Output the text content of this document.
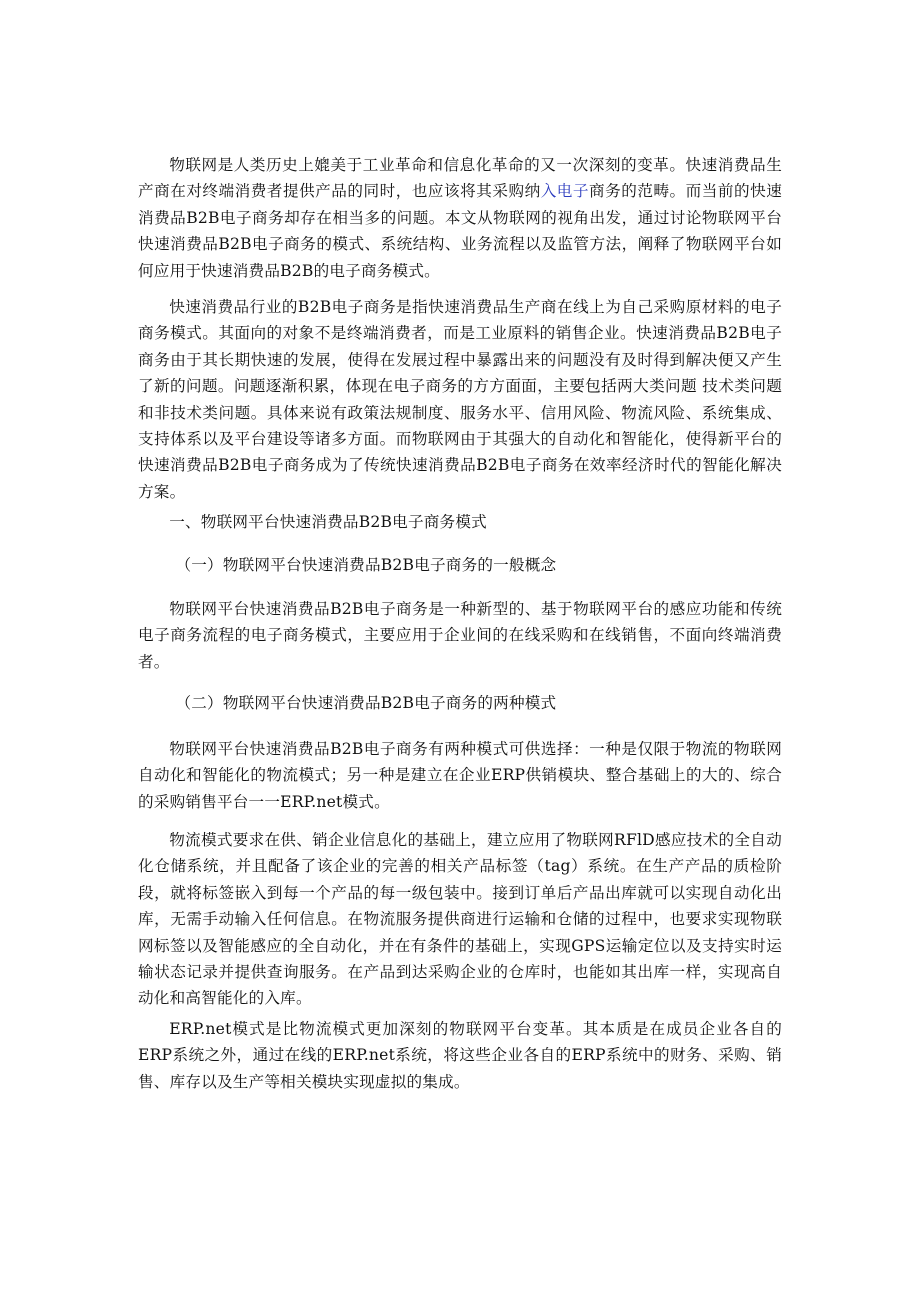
物联网是人类历史上媲美于工业革命和信息化革命的又一次深刻的变革。快速消费品生产商在对终端消费者提供产品的同时，也应该将其采购纳入电子商务的范畴。而当前的快速消费品B2B电子商务却存在相当多的问题。本文从物联网的视角出发，通过讨论物联网平台快速消费品B2B电子商务的模式、系统结构、业务流程以及监管方法，阐释了物联网平台如何应用于快速消费品B2B的电子商务模式。

快速消费品行业的B2B电子商务是指快速消费品生产商在线上为自己采购原材料的电子商务模式。其面向的对象不是终端消费者，而是工业原料的销售企业。快速消费品B2B电子商务由于其长期快速的发展，使得在发展过程中暴露出来的问题没有及时得到解决便又产生了新的问题。问题逐渐积累，体现在电子商务的方方面面，主要包括两大类问题 技术类问题和非技术类问题。具体来说有政策法规制度、服务水平、信用风险、物流风险、系统集成、支持体系以及平台建设等诸多方面。而物联网由于其强大的自动化和智能化，使得新平台的快速消费品B2B电子商务成为了传统快速消费品B2B电子商务在效率经济时代的智能化解决方案。

一、物联网平台快速消费品B2B电子商务模式

（一）物联网平台快速消费品B2B电子商务的一般概念

物联网平台快速消费品B2B电子商务是一种新型的、基于物联网平台的感应功能和传统电子商务流程的电子商务模式，主要应用于企业间的在线采购和在线销售，不面向终端消费者。

（二）物联网平台快速消费品B2B电子商务的两种模式

物联网平台快速消费品B2B电子商务有两种模式可供选择：一种是仅限于物流的物联网自动化和智能化的物流模式；另一种是建立在企业ERP供销模块、整合基础上的大的、综合的采购销售平台一一ERP.net模式。

物流模式要求在供、销企业信息化的基础上，建立应用了物联网RFlD感应技术的全自动化仓储系统，并且配备了该企业的完善的相关产品标签（tag）系统。在生产产品的质检阶段，就将标签嵌入到每一个产品的每一级包装中。接到订单后产品出库就可以实现自动化出库，无需手动输入任何信息。在物流服务提供商进行运输和仓储的过程中，也要求实现物联网标签以及智能感应的全自动化，并在有条件的基础上，实现GPS运输定位以及支持实时运输状态记录并提供查询服务。在产品到达采购企业的仓库时，也能如其出库一样，实现高自动化和高智能化的入库。

ERP.net模式是比物流模式更加深刻的物联网平台变革。其本质是在成员企业各自的ERP系统之外，通过在线的ERP.net系统，将这些企业各自的ERP系统中的财务、采购、销售、库存以及生产等相关模块实现虚拟的集成。
